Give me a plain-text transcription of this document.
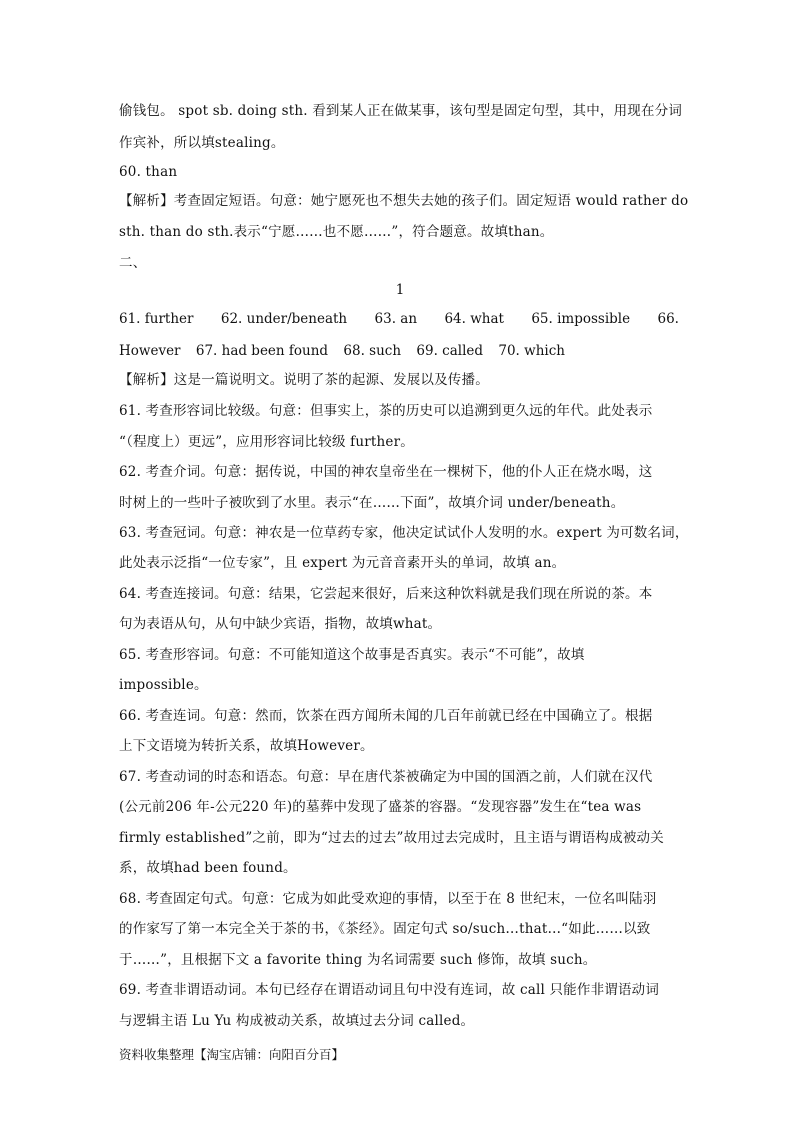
偷钱包。 spot sb. doing sth. 看到某人正在做某事，该句型是固定句型，其中，用现在分词
作宾补，所以填stealing。
60. than
【解析】考查固定短语。句意：她宁愿死也不想失去她的孩子们。固定短语 would rather do
sth. than do sth.表示“宁愿……也不愿……”，符合题意。故填than。
二、
1
61. further 62. under/beneath 63. an 64. what 65. impossible 66.
However 67. had been found 68. such 69. called 70. which
【解析】这是一篇说明文。说明了茶的起源、发展以及传播。
61. 考查形容词比较级。句意：但事实上，茶的历史可以追溯到更久远的年代。此处表示
“（程度上）更远”，应用形容词比较级 further。
62. 考查介词。句意：据传说，中国的神农皇帝坐在一棵树下，他的仆人正在烧水喝，这
时树上的一些叶子被吹到了水里。表示“在……下面”，故填介词 under/beneath。
63. 考查冠词。句意：神农是一位草药专家，他决定试试仆人发明的水。expert 为可数名词，
此处表示泛指“一位专家”，且 expert 为元音音素开头的单词，故填 an。
64. 考查连接词。句意：结果，它尝起来很好，后来这种饮料就是我们现在所说的茶。本
句为表语从句，从句中缺少宾语，指物，故填what。
65. 考查形容词。句意：不可能知道这个故事是否真实。表示“不可能”，故填
impossible。
66. 考查连词。句意：然而，饮茶在西方闻所未闻的几百年前就已经在中国确立了。根据
上下文语境为转折关系，故填However。
67. 考查动词的时态和语态。句意：早在唐代茶被确定为中国的国酒之前，人们就在汉代
(公元前206 年-公元220 年)的墓葬中发现了盛茶的容器。“发现容器”发生在“tea was
firmly established”之前，即为“过去的过去”故用过去完成时，且主语与谓语构成被动关
系，故填had been found。
68. 考查固定句式。句意：它成为如此受欢迎的事情，以至于在 8 世纪末，一位名叫陆羽
的作家写了第一本完全关于茶的书，《茶经》。固定句式 so/such…that…“如此……以致
于……”，且根据下文 a favorite thing 为名词需要 such 修饰，故填 such。
69. 考查非谓语动词。本句已经存在谓语动词且句中没有连词，故 call 只能作非谓语动词
与逻辑主语 Lu Yu 构成被动关系，故填过去分词 called。
资料收集整理【淘宝店铺：向阳百分百】
